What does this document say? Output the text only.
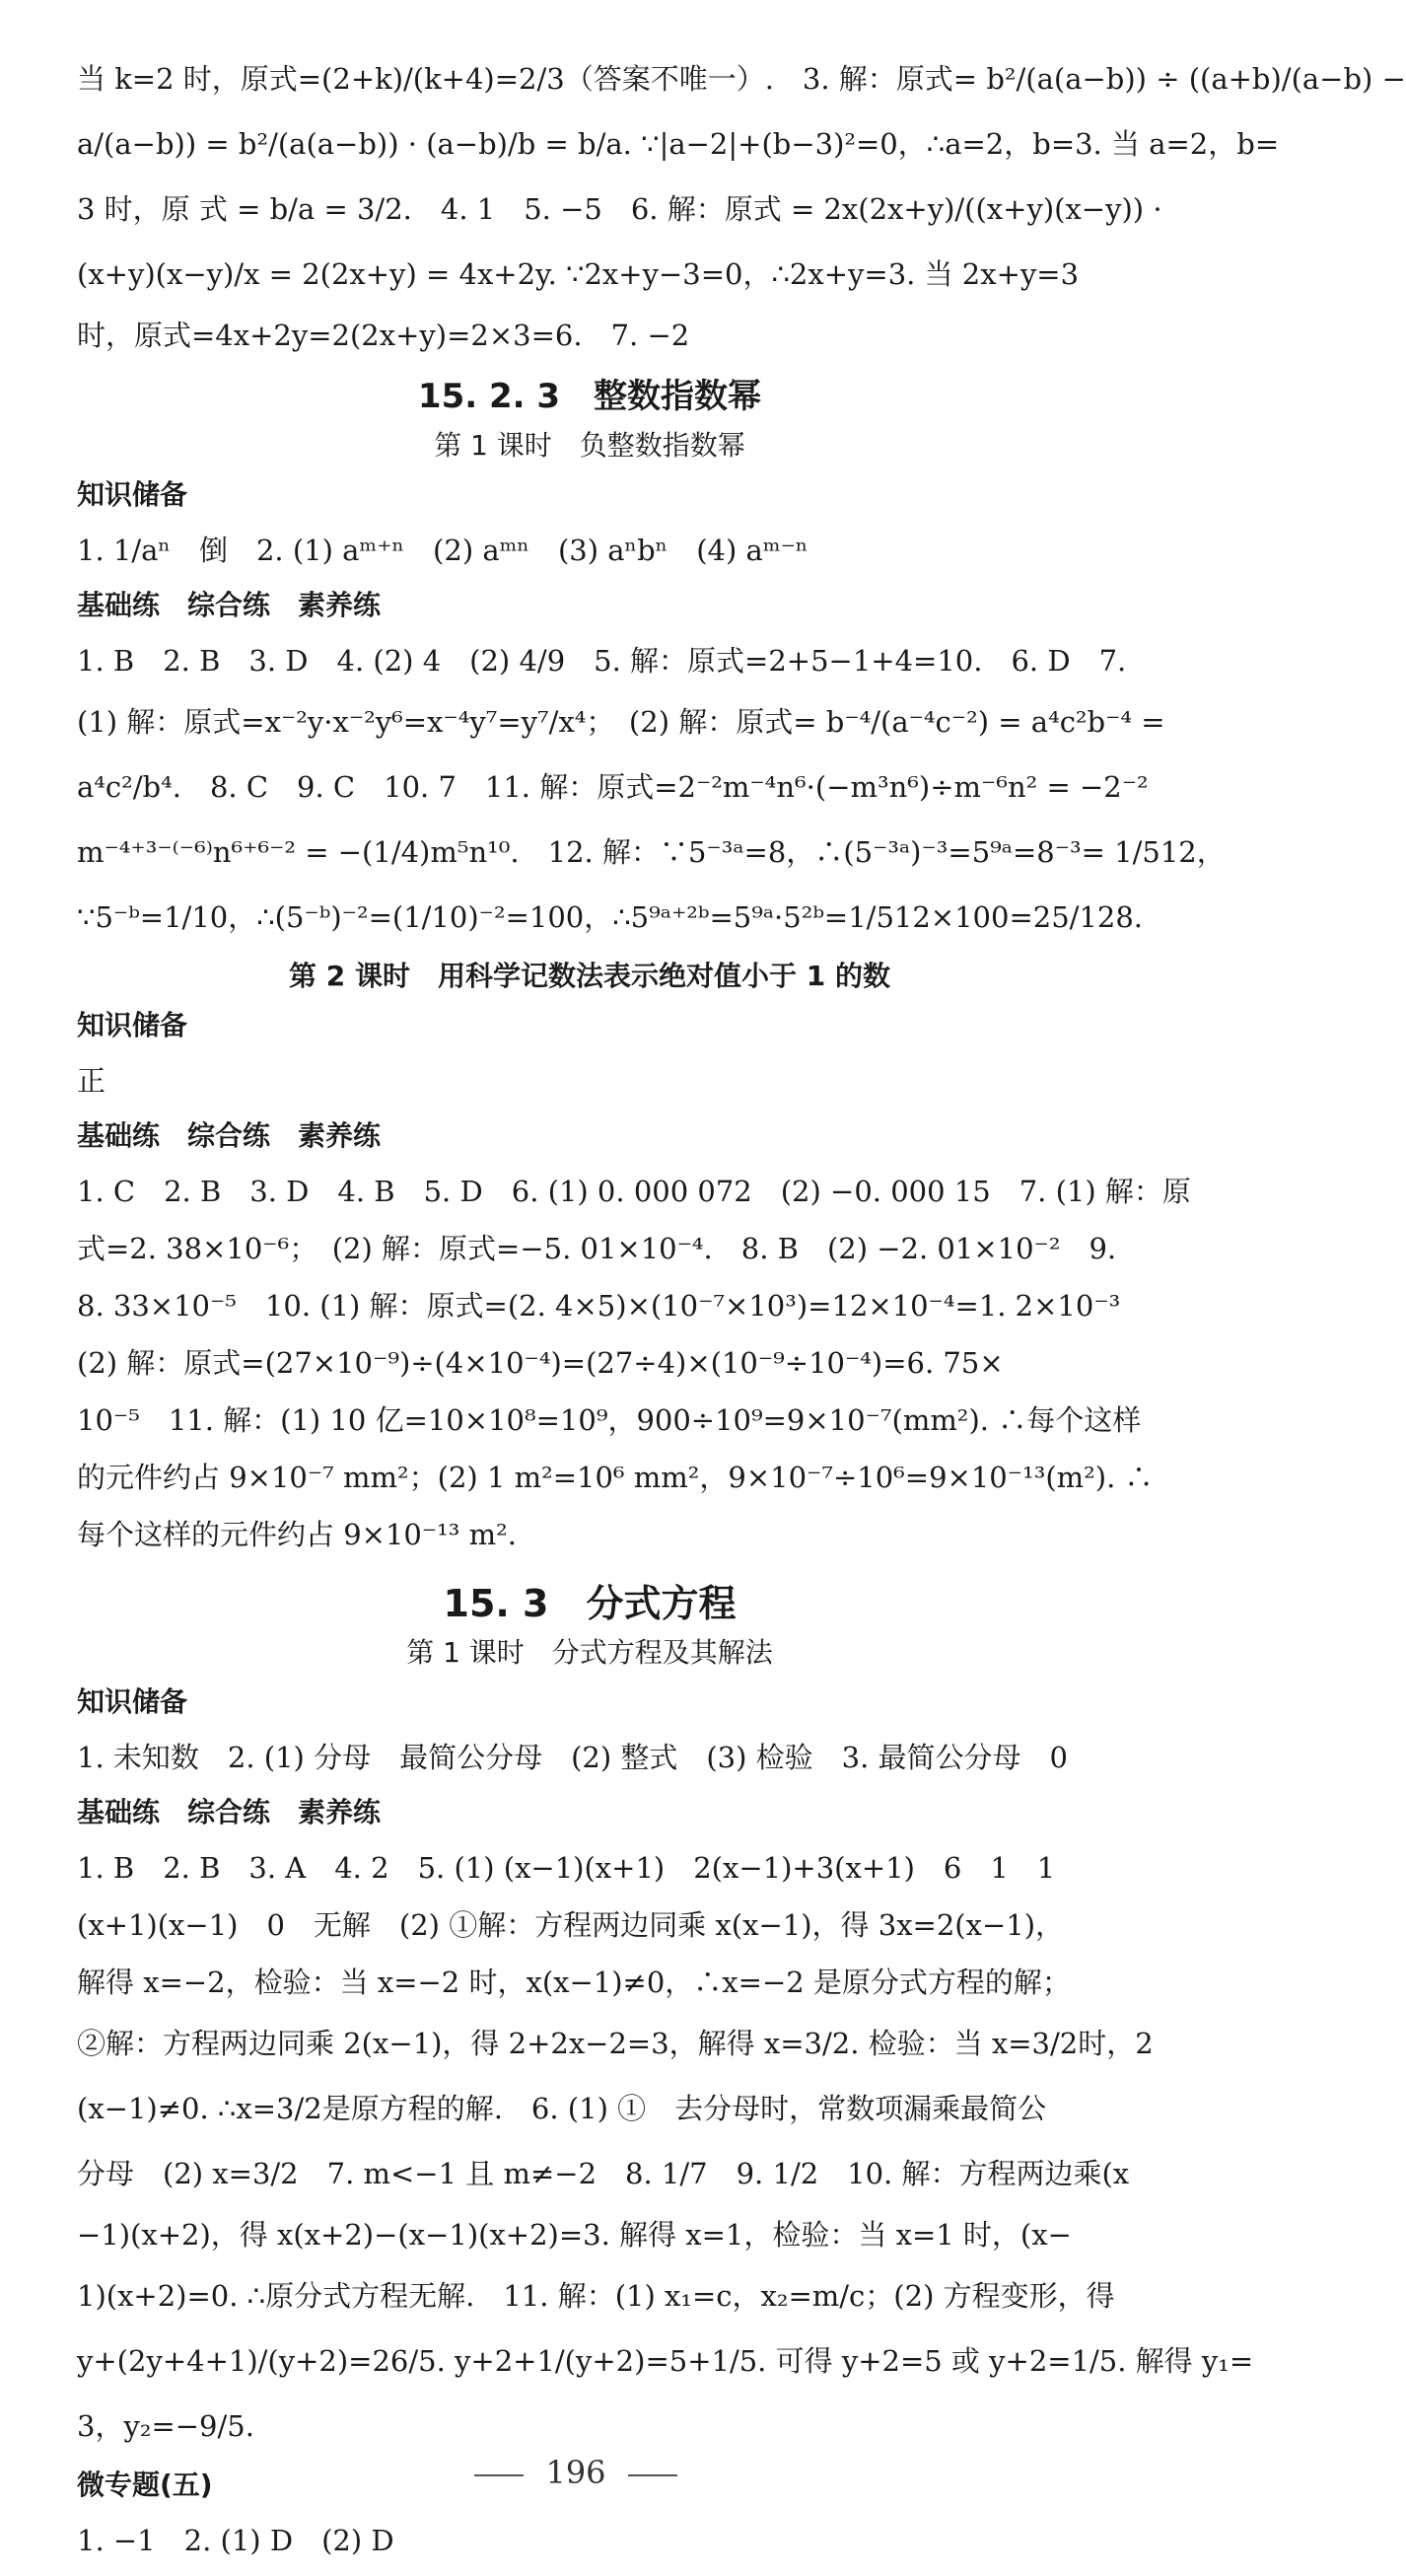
当 k=2 时，原式=(2+k)/(k+4)=2/3（答案不唯一）.　3. 解：原式= b²/(a(a−b)) ÷ ((a+b)/(a−b) −
a/(a−b)) = b²/(a(a−b)) · (a−b)/b = b/a. ∵|a−2|+(b−3)²=0，∴a=2，b=3. 当 a=2，b=
3 时，原 式 = b/a = 3/2.　4. 1　5. −5　6. 解：原式 = 2x(2x+y)/((x+y)(x−y)) ·
(x+y)(x−y)/x = 2(2x+y) = 4x+2y. ∵2x+y−3=0，∴2x+y=3. 当 2x+y=3
时，原式=4x+2y=2(2x+y)=2×3=6.　7. −2
15. 2. 3　整数指数幂
第 1 课时　负整数指数幂
知识储备
1. 1/aⁿ　倒　2. (1) aᵐ⁺ⁿ　(2) aᵐⁿ　(3) aⁿbⁿ　(4) aᵐ⁻ⁿ
基础练　综合练　素养练
1. B　2. B　3. D　4. (2) 4　(2) 4/9　5. 解：原式=2+5−1+4=10.　6. D　7.
(1) 解：原式=x⁻²y·x⁻²y⁶=x⁻⁴y⁷=y⁷/x⁴；　(2) 解：原式= b⁻⁴/(a⁻⁴c⁻²) = a⁴c²b⁻⁴ =
a⁴c²/b⁴.　8. C　9. C　10. 7　11. 解：原式=2⁻²m⁻⁴n⁶·(−m³n⁶)÷m⁻⁶n² = −2⁻²
m⁻⁴⁺³⁻⁽⁻⁶⁾n⁶⁺⁶⁻² = −(1/4)m⁵n¹⁰.　12. 解：∵5⁻³ᵃ=8，∴(5⁻³ᵃ)⁻³=5⁹ᵃ=8⁻³= 1/512，
∵5⁻ᵇ=1/10，∴(5⁻ᵇ)⁻²=(1/10)⁻²=100，∴5⁹ᵃ⁺²ᵇ=5⁹ᵃ·5²ᵇ=1/512×100=25/128.
第 2 课时　用科学记数法表示绝对值小于 1 的数
知识储备
正
基础练　综合练　素养练
1. C　2. B　3. D　4. B　5. D　6. (1) 0. 000 072　(2) −0. 000 15　7. (1) 解：原
式=2. 38×10⁻⁶；　(2) 解：原式=−5. 01×10⁻⁴.　8. B　(2) −2. 01×10⁻²　9.
8. 33×10⁻⁵　10. (1) 解：原式=(2. 4×5)×(10⁻⁷×10³)=12×10⁻⁴=1. 2×10⁻³
(2) 解：原式=(27×10⁻⁹)÷(4×10⁻⁴)=(27÷4)×(10⁻⁹÷10⁻⁴)=6. 75×
10⁻⁵　11. 解：(1) 10 亿=10×10⁸=10⁹，900÷10⁹=9×10⁻⁷(mm²). ∴每个这样
的元件约占 9×10⁻⁷ mm²；(2) 1 m²=10⁶ mm²，9×10⁻⁷÷10⁶=9×10⁻¹³(m²). ∴
每个这样的元件约占 9×10⁻¹³ m².
15. 3　分式方程
第 1 课时　分式方程及其解法
知识储备
1. 未知数　2. (1) 分母　最简公分母　(2) 整式　(3) 检验　3. 最简公分母　0
基础练　综合练　素养练
1. B　2. B　3. A　4. 2　5. (1) (x−1)(x+1)　2(x−1)+3(x+1)　6　1　1
(x+1)(x−1)　0　无解　(2) ①解：方程两边同乘 x(x−1)，得 3x=2(x−1)，
解得 x=−2，检验：当 x=−2 时，x(x−1)≠0，∴x=−2 是原分式方程的解；
②解：方程两边同乘 2(x−1)，得 2+2x−2=3，解得 x=3/2. 检验：当 x=3/2时，2
(x−1)≠0. ∴x=3/2是原方程的解.　6. (1) ①　去分母时，常数项漏乘最简公
分母　(2) x=3/2　7. m<−1 且 m≠−2　8. 1/7　9. 1/2　10. 解：方程两边乘(x
−1)(x+2)，得 x(x+2)−(x−1)(x+2)=3. 解得 x=1，检验：当 x=1 时，(x−
1)(x+2)=0. ∴原分式方程无解.　11. 解：(1) x₁=c，x₂=m/c；(2) 方程变形，得
y+(2y+4+1)/(y+2)=26/5. y+2+1/(y+2)=5+1/5. 可得 y+2=5 或 y+2=1/5. 解得 y₁=
3，y₂=−9/5.
微专题(五)
1. −1　2. (1) D　(2) D
196
